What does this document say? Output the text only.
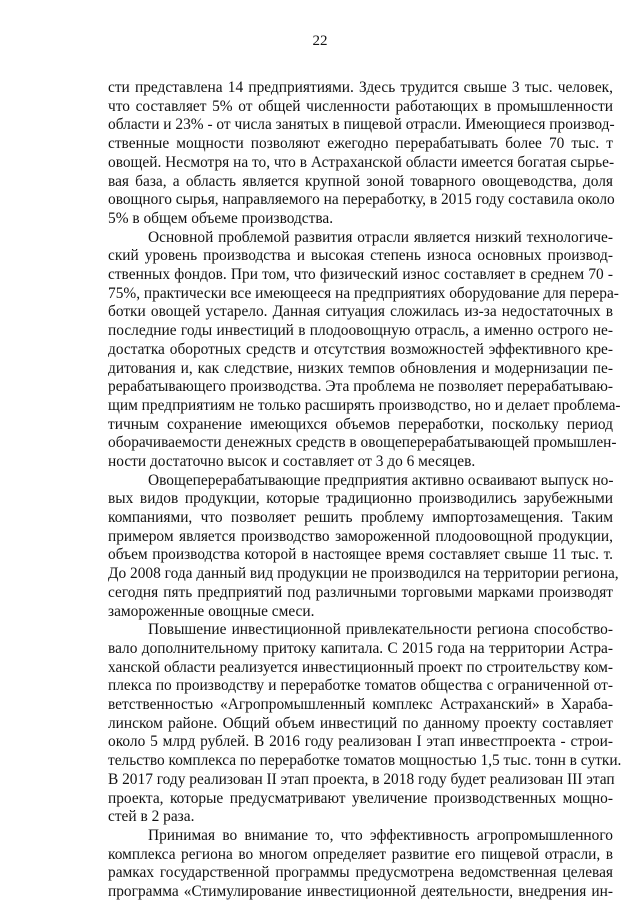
22
сти представлена 14 предприятиями. Здесь трудится свыше 3 тыс. человек,
что составляет 5% от общей численности работающих в промышленности
области и 23% - от числа занятых в пищевой отрасли. Имеющиеся производ-
ственные мощности позволяют ежегодно перерабатывать более 70 тыс. т
овощей. Несмотря на то, что в Астраханской области имеется богатая сырье-
вая база, а область является крупной зоной товарного овощеводства, доля
овощного сырья, направляемого на переработку, в 2015 году составила около
5% в общем объеме производства.
Основной проблемой развития отрасли является низкий технологиче-
ский уровень производства и высокая степень износа основных производ-
ственных фондов. При том, что физический износ составляет в среднем 70 -
75%, практически все имеющееся на предприятиях оборудование для перера-
ботки овощей устарело. Данная ситуация сложилась из-за недостаточных в
последние годы инвестиций в плодоовощную отрасль, а именно острого не-
достатка оборотных средств и отсутствия возможностей эффективного кре-
дитования и, как следствие, низких темпов обновления и модернизации пе-
рерабатывающего производства. Эта проблема не позволяет перерабатываю-
щим предприятиям не только расширять производство, но и делает проблема-
тичным сохранение имеющихся объемов переработки, поскольку период
оборачиваемости денежных средств в овощеперерабатывающей промышлен-
ности достаточно высок и составляет от 3 до 6 месяцев.
Овощеперерабатывающие предприятия активно осваивают выпуск но-
вых видов продукции, которые традиционно производились зарубежными
компаниями, что позволяет решить проблему импортозамещения. Таким
примером является производство замороженной плодоовощной продукции,
объем производства которой в настоящее время составляет свыше 11 тыс. т.
До 2008 года данный вид продукции не производился на территории региона,
сегодня пять предприятий под различными торговыми марками производят
замороженные овощные смеси.
Повышение инвестиционной привлекательности региона способство-
вало дополнительному притоку капитала. С 2015 года на территории Астра-
ханской области реализуется инвестиционный проект по строительству ком-
плекса по производству и переработке томатов общества с ограниченной от-
ветственностью «Агропромышленный комплекс Астраханский» в Хараба-
линском районе. Общий объем инвестиций по данному проекту составляет
около 5 млрд рублей. В 2016 году реализован I этап инвестпроекта - строи-
тельство комплекса по переработке томатов мощностью 1,5 тыс. тонн в сутки.
В 2017 году реализован II этап проекта, в 2018 году будет реализован III этап
проекта, которые предусматривают увеличение производственных мощно-
стей в 2 раза.
Принимая во внимание то, что эффективность агропромышленного
комплекса региона во многом определяет развитие его пищевой отрасли, в
рамках государственной программы предусмотрена ведомственная целевая
программа «Стимулирование инвестиционной деятельности, внедрения ин-
